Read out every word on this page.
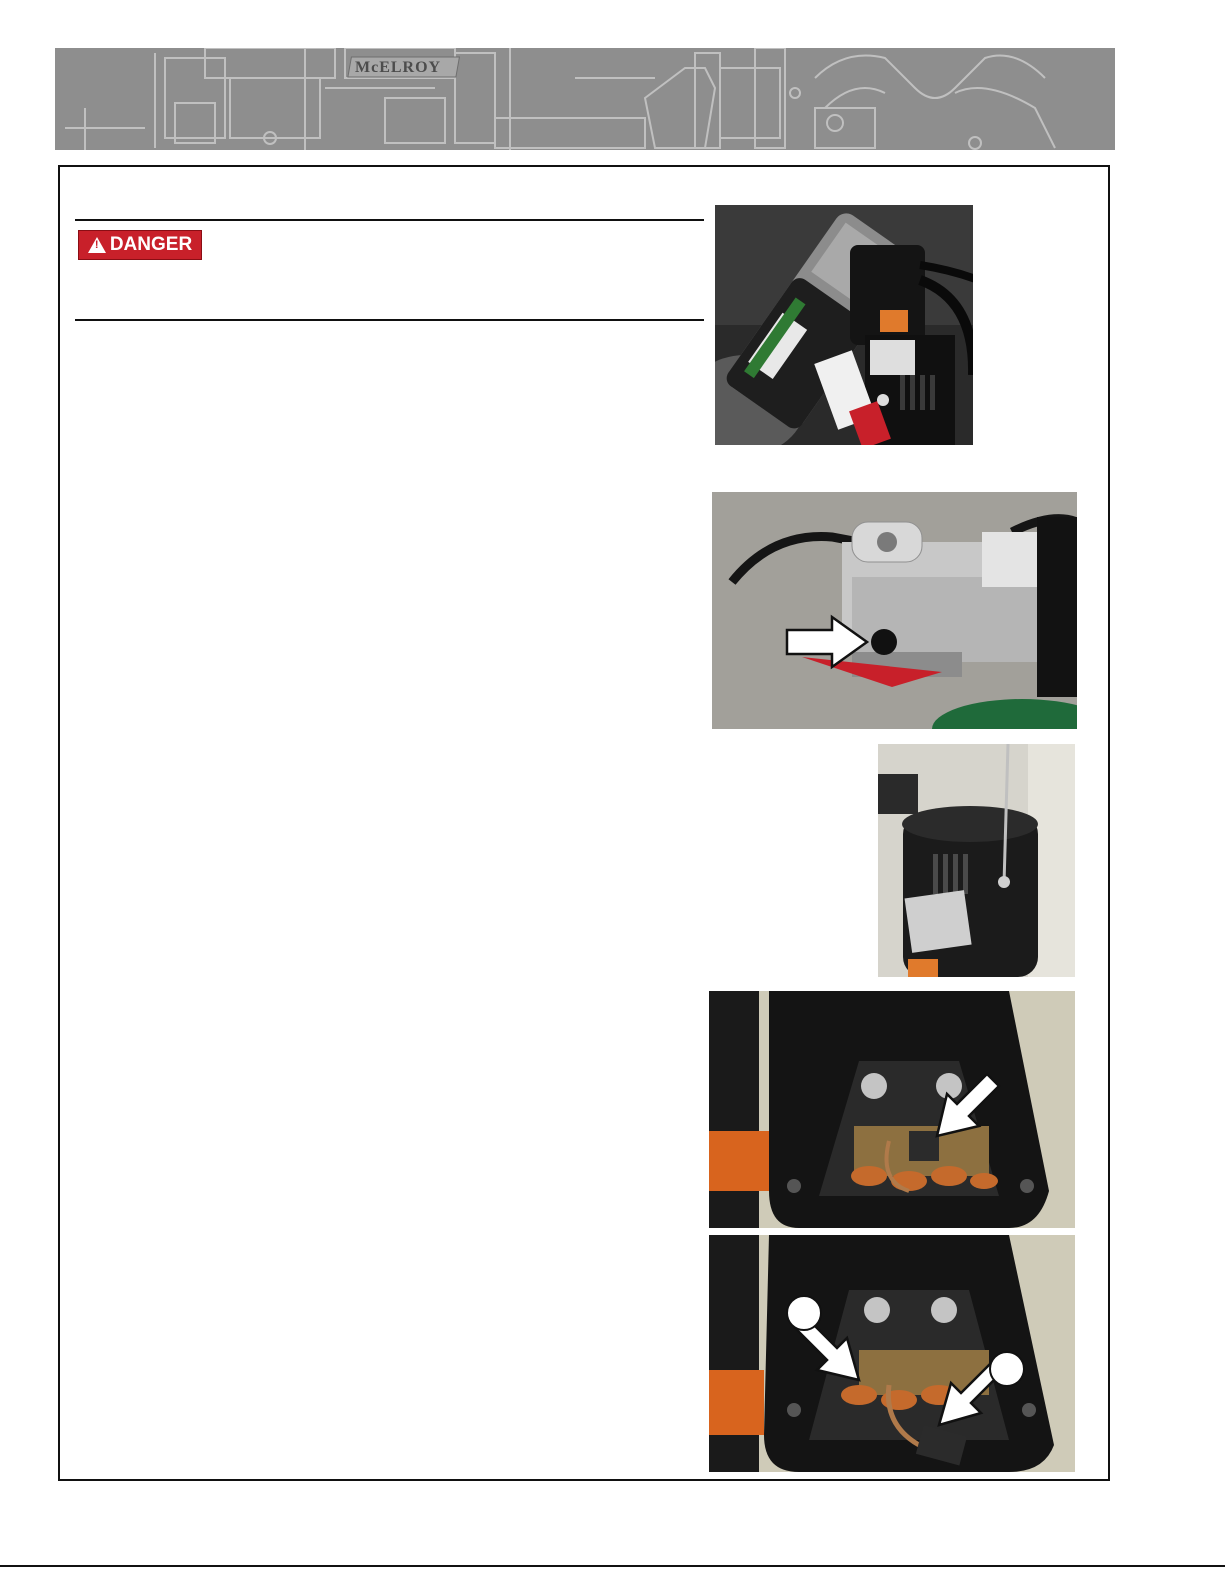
McELROY
! DANGER
